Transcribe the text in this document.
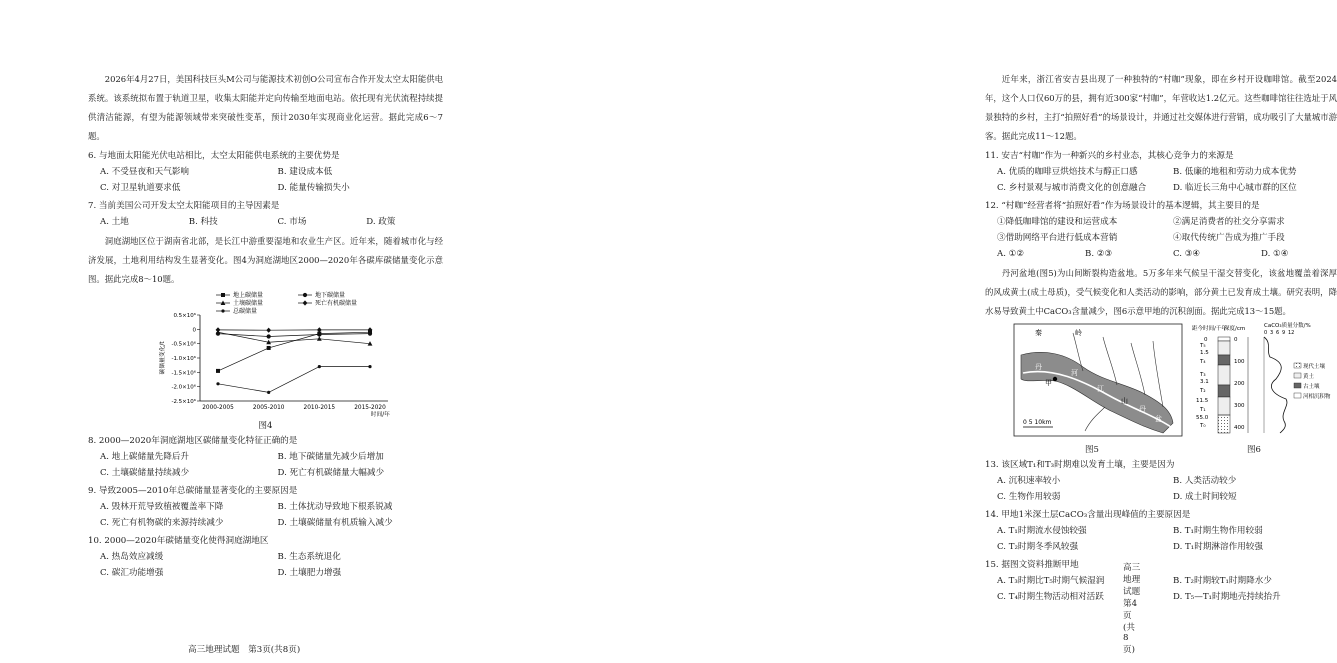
2026年4月27日，美国科技巨头M公司与能源技术初创O公司宣布合作开发太空太阳能供电系统。该系统拟布置于轨道卫星，收集太阳能并定向传输至地面电站。依托现有光伏流程持续提供清洁能源，有望为能源领域带来突破性变革，预计2030年实现商业化运营。据此完成6～7题。

6. 与地面太阳能光伏电站相比，太空太阳能供电系统的主要优势是
A. 不受昼夜和天气影响	B. 建设成本低
C. 对卫星轨道要求低	D. 能量传输损失小
7. 当前美国公司开发太空太阳能项目的主导因素是
A. 土地	B. 科技	C. 市场	D. 政策

洞庭湖地区位于湖南省北部，是长江中游重要湿地和农业生产区。近年来，随着城市化与经济发展，土地利用结构发生显著变化。图4为洞庭湖地区2000—2020年各碳库碳储量变化示意图。据此完成8～10题。

地上碳储量	地下碳储量
土壤碳储量	死亡有机碳储量
总碳储量
0.5×10⁶
0
-0.5×10⁶
-1.0×10⁶
-1.5×10⁶
-2.0×10⁶
-2.5×10⁶
2000-2005	2005-2010	2010-2015	2015-2020
时间/年
碳储量变化/t
图4
8. 2000—2020年洞庭湖地区碳储量变化特征正确的是
A. 地上碳储量先降后升	B. 地下碳储量先减少后增加
C. 土壤碳储量持续减少	D. 死亡有机碳储量大幅减少
9. 导致2005—2010年总碳储量显著变化的主要原因是
A. 毁林开荒导致植被覆盖率下降	B. 土体扰动导致地下根系锐减
C. 死亡有机物碳的来源持续减少	D. 土壤碳储量有机质输入减少
10. 2000—2020年碳储量变化使得洞庭湖地区
A. 热岛效应减缓	B. 生态系统退化
C. 碳汇功能增强	D. 土壤肥力增强
高三地理试题　第3页(共8页)

近年来，浙江省安吉县出现了一种独特的“村咖”现象，即在乡村开设咖啡馆。截至2024年，这个人口仅60万的县，拥有近300家“村咖”，年营收达1.2亿元。这些咖啡馆往往选址于风景独特的乡村，主打“拍照好看”的场景设计，并通过社交媒体进行营销，成功吸引了大量城市游客。据此完成11～12题。

11. 安吉“村咖”作为一种新兴的乡村业态，其核心竞争力的来源是
A. 优质的咖啡豆烘焙技术与醇正口感	B. 低廉的地租和劳动力成本优势
C. 乡村景观与城市消费文化的创意融合	D. 临近长三角中心城市群的区位
12. “村咖”经营者将“拍照好看”作为场景设计的基本逻辑，其主要目的是
①降低咖啡馆的建设和运营成本	②满足消费者的社交分享需求
③借助网络平台进行低成本营销	④取代传统广告成为推广手段
A. ①②	B. ②③	C. ③④	D. ①④

丹河盆地(图5)为山间断裂构造盆地。5万多年来气候呈干湿交替变化，该盆地覆盖着深厚的风成黄土(成土母质)，受气候变化和人类活动的影响，部分黄土已发育成土壤。研究表明，降水易导致黄土中CaCO₃含量减少，图6示意甲地的沉积剖面。据此完成13～15题。

秦	岭
丹
甲
河
江
山
丹
盆
0 5 10km
图5
距今时间/千年
深度/cm	CaCO₃质量分数/%
0 3 6 9 12
0
T₅
1.5
T₄
T₃
3.1
T₂
11.5
T₁
55.0
T₀
0
100
200
300
400
现代土壤
黄土
古土壤
河相沉积物
图6
13. 该区域T₁和T₃时期难以发育土壤，主要是因为
A. 沉积速率较小	B. 人类活动较少
C. 生物作用较弱	D. 成土时间较短
14. 甲地1米深土层CaCO₃含量出现峰值的主要原因是
A. T₁时期流水侵蚀较强	B. T₁时期生物作用较弱
C. T₂时期冬季风较强	D. T₁时期淋溶作用较强
15. 据图文资料推断甲地
A. T₃时期比T₅时期气候湿润	B. T₂时期较T₁时期降水少
C. T₄时期生物活动相对活跃	D. T₅—T₁时期地壳持续抬升
高三地理试题　第4页(共8页)
